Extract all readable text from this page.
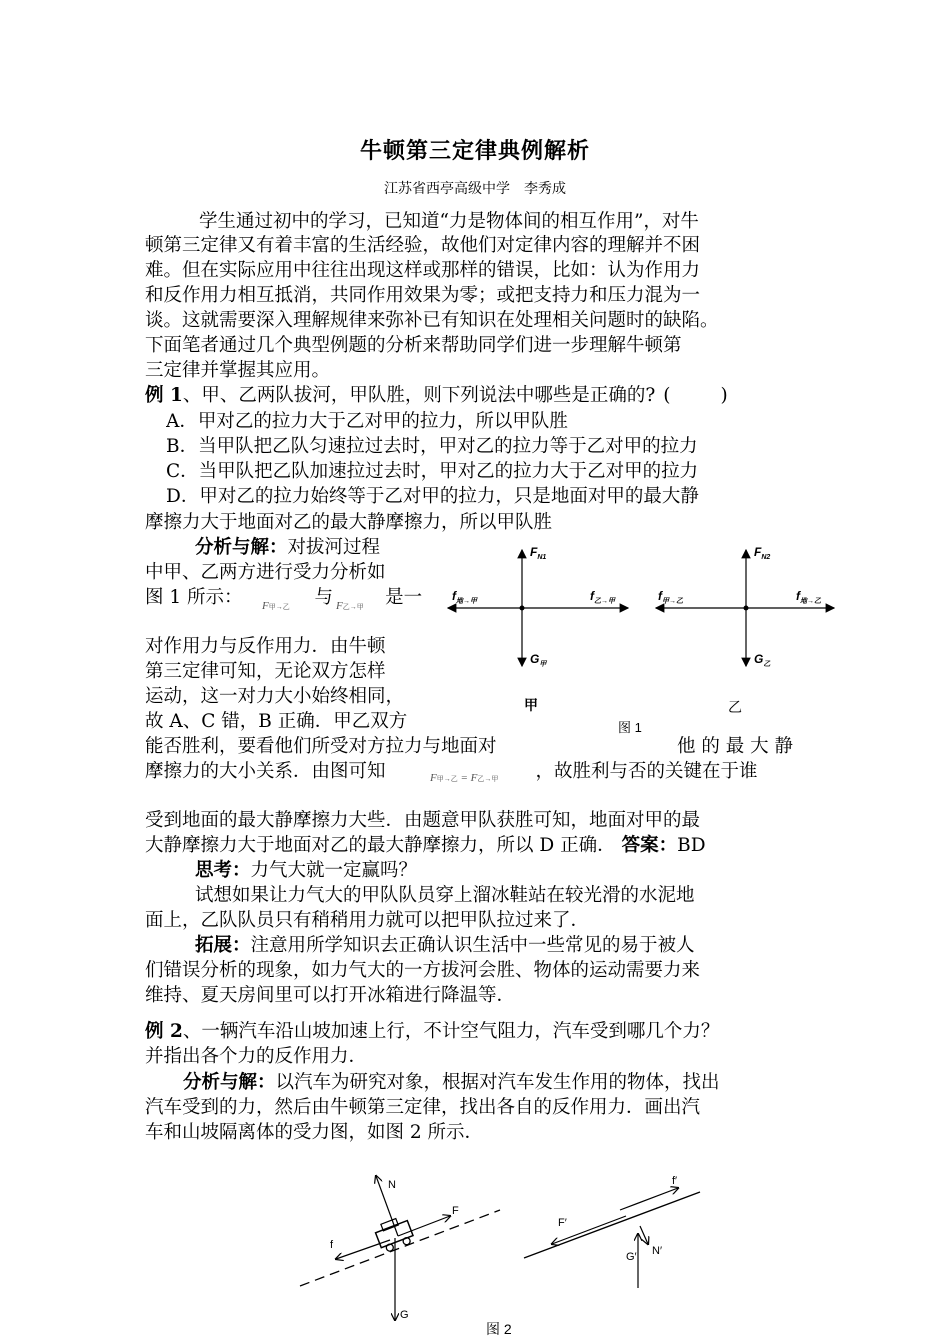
牛顿第三定律典例解析
江苏省西亭高级中学　李秀成
学生通过初中的学习，已知道“力是物体间的相互作用”，对牛
顿第三定律又有着丰富的生活经验，故他们对定律内容的理解并不困
难。但在实际应用中往往出现这样或那样的错误，比如：认为作用力
和反作用力相互抵消，共同作用效果为零；或把支持力和压力混为一
谈。这就需要深入理解规律来弥补已有知识在处理相关问题时的缺陷。
下面笔者通过几个典型例题的分析来帮助同学们进一步理解牛顿第
三定律并掌握其应用。
例 1、甲、乙两队拔河，甲队胜，则下列说法中哪些是正确的? (	)
A．甲对乙的拉力大于乙对甲的拉力，所以甲队胜
B．当甲队把乙队匀速拉过去时，甲对乙的拉力等于乙对甲的拉力
C．当甲队把乙队加速拉过去时，甲对乙的拉力大于乙对甲的拉力
D．甲对乙的拉力始终等于乙对甲的拉力，只是地面对甲的最大静
摩擦力大于地面对乙的最大静摩擦力，所以甲队胜
分析与解：对拔河过程
中甲、乙两方进行受力分析如
图 1 所示：	与	是一
F甲→乙	F乙→甲
对作用力与反作用力．由牛顿
第三定律可知，无论双方怎样
运动，这一对力大小始终相同，
故 A、C 错，B 正确．甲乙双方
能否胜利，要看他们所受对方拉力与地面对	他 的 最 大 静
摩擦力的大小关系．由图可知	，故胜利与否的关键在于谁
F甲→乙 = F乙→甲
受到地面的最大静摩擦力大些．由题意甲队获胜可知，地面对甲的最
大静摩擦力大于地面对乙的最大静摩擦力，所以 D 正确． 答案：BD
思考：力气大就一定赢吗？
试想如果让力气大的甲队队员穿上溜冰鞋站在较光滑的水泥地
面上，乙队队员只有稍稍用力就可以把甲队拉过来了．
拓展：注意用所学知识去正确认识生活中一些常见的易于被人
们错误分析的现象，如力气大的一方拔河会胜、物体的运动需要力来
维持、夏天房间里可以打开冰箱进行降温等．
例 2、一辆汽车沿山坡加速上行，不计空气阻力，汽车受到哪几个力？
并指出各个力的反作用力．
分析与解：以汽车为研究对象，根据对汽车发生作用的物体，找出
汽车受到的力，然后由牛顿第三定律，找出各自的反作用力．画出汽
车和山坡隔离体的受力图，如图 2 所示．
$F_{N1}$
$f_{地\to 甲}$	$f_{乙\to 甲}$
$G_甲$
甲
$F_{N2}$
$f_{甲\to 乙}$	$f_{地\to 乙}$
$G_乙$
乙
图 1
N
F
f
G
f′
F′
N′
G′
图 2
